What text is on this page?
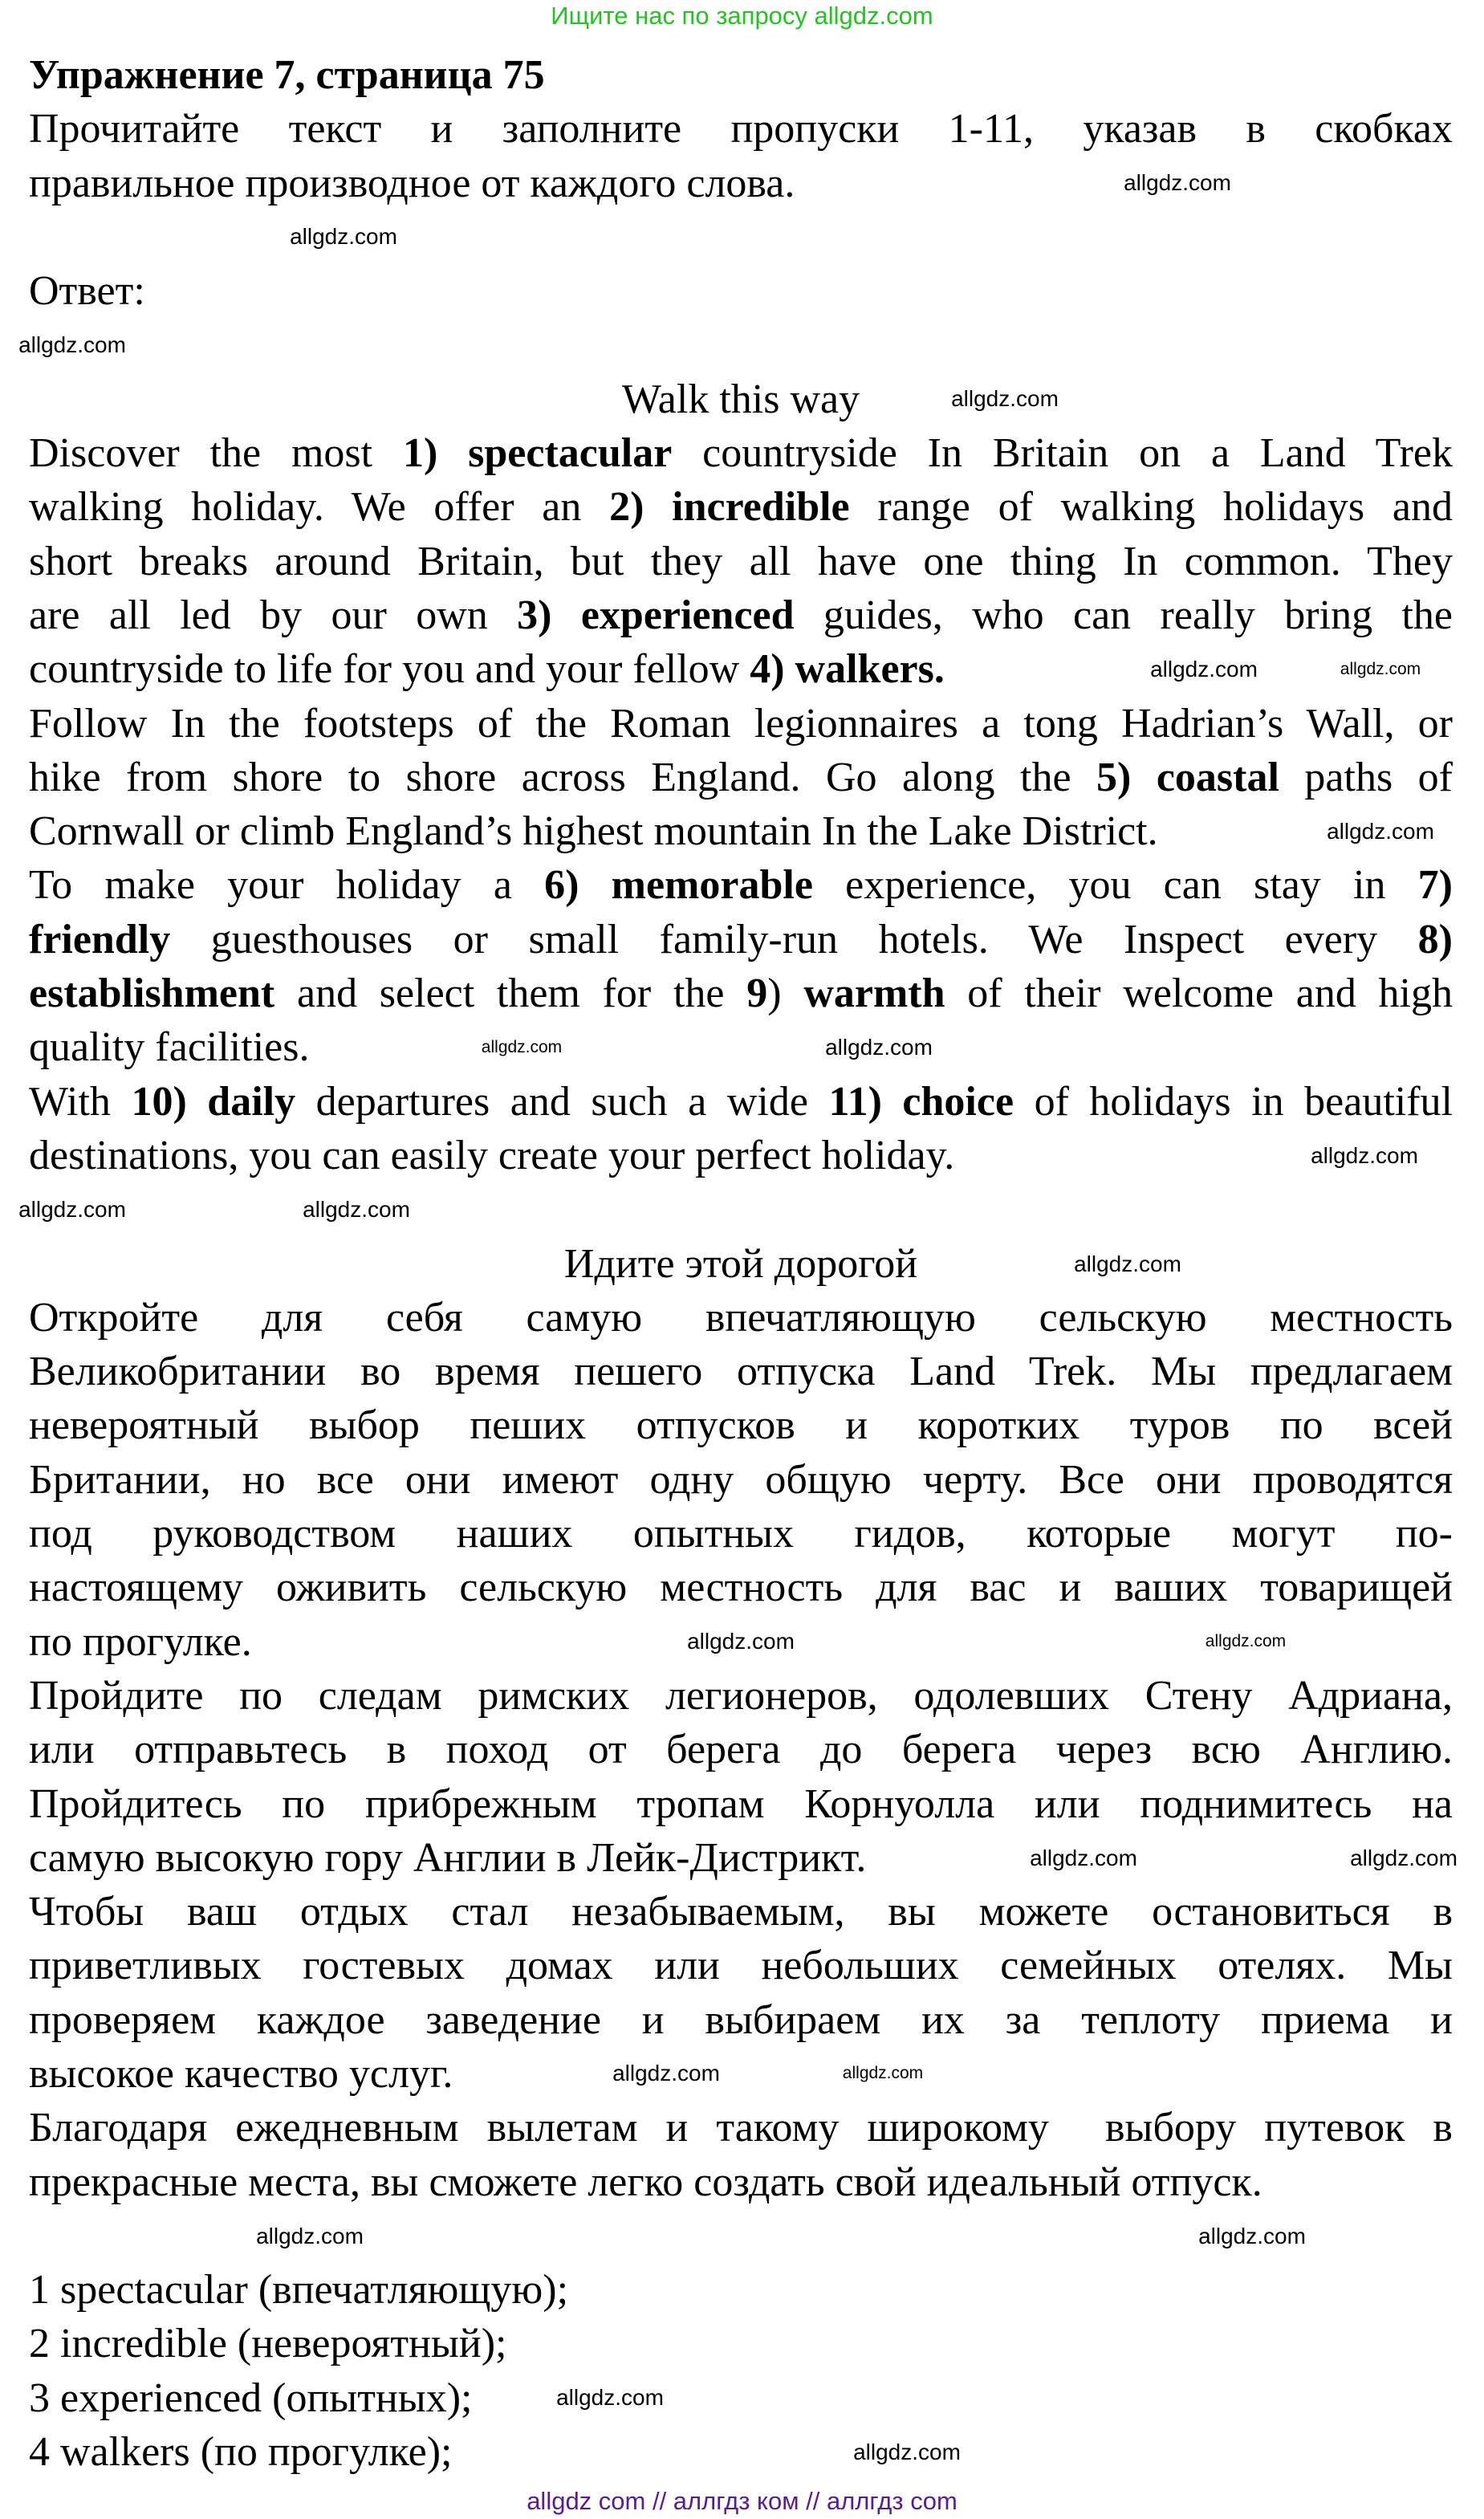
Ищите нас по запросу allgdz.com
Упражнение 7, страница 75
Прочитайте текст и заполните пропуски 1-11, указав в скобках
правильное производное от каждого слова.
Ответ:
Walk this way
Discover the most 1) spectacular countryside In Britain on a Land Trek
walking holiday. We offer an 2) incredible range of walking holidays and
short breaks around Britain, but they all have one thing In common. They
are all led by our own 3) experienced guides, who can really bring the
countryside to life for you and your fellow 4) walkers.
Follow In the footsteps of the Roman legionnaires a tong Hadrian’s Wall, or
hike from shore to shore across England. Go along the 5) coastal paths of
Cornwall or climb England’s highest mountain In the Lake District.
To make your holiday a 6) memorable experience, you can stay in 7)
friendly guesthouses or small family-run hotels. We Inspect every 8)
establishment and select them for the 9) warmth of their welcome and high
quality facilities.
With 10) daily departures and such a wide 11) choice of holidays in beautiful
destinations, you can easily create your perfect holiday.
Идите этой дорогой
Откройте для себя самую впечатляющую сельскую местность
Великобритании во время пешего отпуска Land Trek. Мы предлагаем
невероятный выбор пеших отпусков и коротких туров по всей
Британии, но все они имеют одну общую черту. Все они проводятся
под руководством наших опытных гидов, которые могут по-
настоящему оживить сельскую местность для вас и ваших товарищей
по прогулке.
Пройдите по следам римских легионеров, одолевших Стену Адриана,
или отправьтесь в поход от берега до берега через всю Англию.
Пройдитесь по прибрежным тропам Корнуолла или поднимитесь на
самую высокую гору Англии в Лейк-Дистрикт.
Чтобы ваш отдых стал незабываемым, вы можете остановиться в
приветливых гостевых домах или небольших семейных отелях. Мы
проверяем каждое заведение и выбираем их за теплоту приема и
высокое качество услуг.
Благодаря ежедневным вылетам и такому широкому  выбору путевок в
прекрасные места, вы сможете легко создать свой идеальный отпуск.
1 spectacular (впечатляющую);
2 incredible (невероятный);
3 experienced (опытных);
4 walkers (по прогулке);
allgdz.com
allgdz.com
allgdz.com
allgdz.com
allgdz.com	allgdz.com
allgdz.com
allgdz.com
allgdz.com
allgdz.com
allgdz.com	allgdz.com
allgdz.com
allgdz.com	allgdz.com
allgdz.com	allgdz.com
allgdz.com	allgdz.com
allgdz.com	allgdz.com
allgdz.com
allgdz.com
allgdz com // аллгдз ком // аллгдз com
